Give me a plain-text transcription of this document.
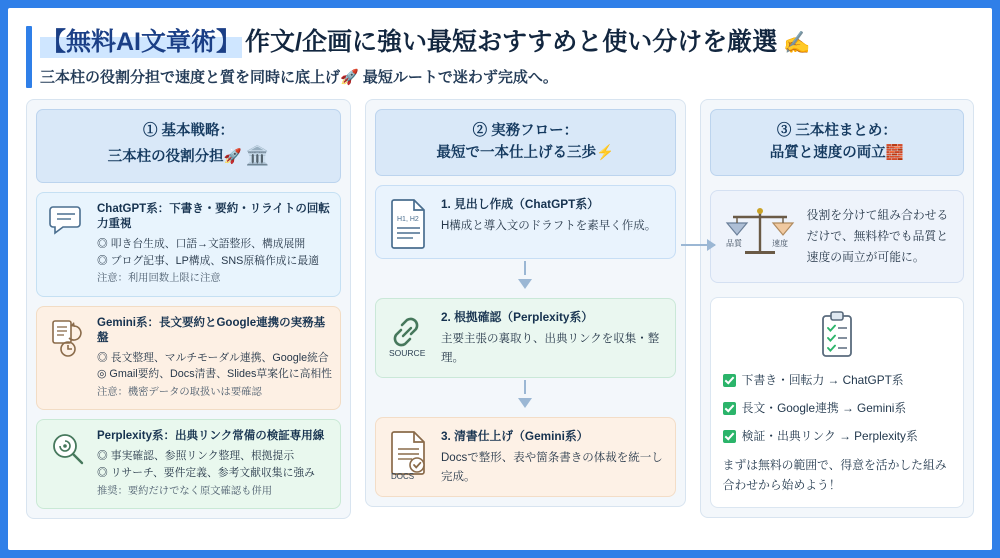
【無料AI文章術】 作文/企画に強い最短おすすめと使い分けを厳選 ✍️
三本柱の役割分担で速度と質を同時に底上げ🚀 最短ルートで迷わず完成へ。
① 基本戦略：
三本柱の役割分担🚀 🏛️
ChatGPT系：下書き・要約・リライトの回転力重視
◎ 叩き台生成、口語→文語整形、構成展開
◎ ブログ記事、LP構成、SNS原稿作成に最適
注意：利用回数上限に注意
Gemini系：長文要約とGoogle連携の実務基盤
◎ 長文整理、マルチモーダル連携、Google統合
◎ Gmail要約、Docs清書、Slides草案化に高相性
注意：機密データの取扱いは要確認
Perplexity系：出典リンク常備の検証専用線
◎ 事実確認、参照リンク整理、根拠提示
◎ リサーチ、要件定義、参考文献収集に強み
推奨：要約だけでなく原文確認も併用
② 実務フロー：
最短で一本仕上げる三歩⚡
H1, H2
1. 見出し作成（ChatGPT系）
H構成と導入文のドラフトを素早く作成。
SOURCE
2. 根拠確認（Perplexity系）
主要主張の裏取り、出典リンクを収集・整理。
DOCS
3. 清書仕上げ（Gemini系）
Docsで整形、表や箇条書きの体裁を統一し完成。
③ 三本柱まとめ：
品質と速度の両立🧱
品質	速度
役割を分けて組み合わせるだけで、無料枠でも品質と速度の両立が可能に。
下書き・回転力 → ChatGPT系
長文・Google連携 → Gemini系
検証・出典リンク → Perplexity系
まずは無料の範囲で、得意を活かした組み合わせから始めよう！
